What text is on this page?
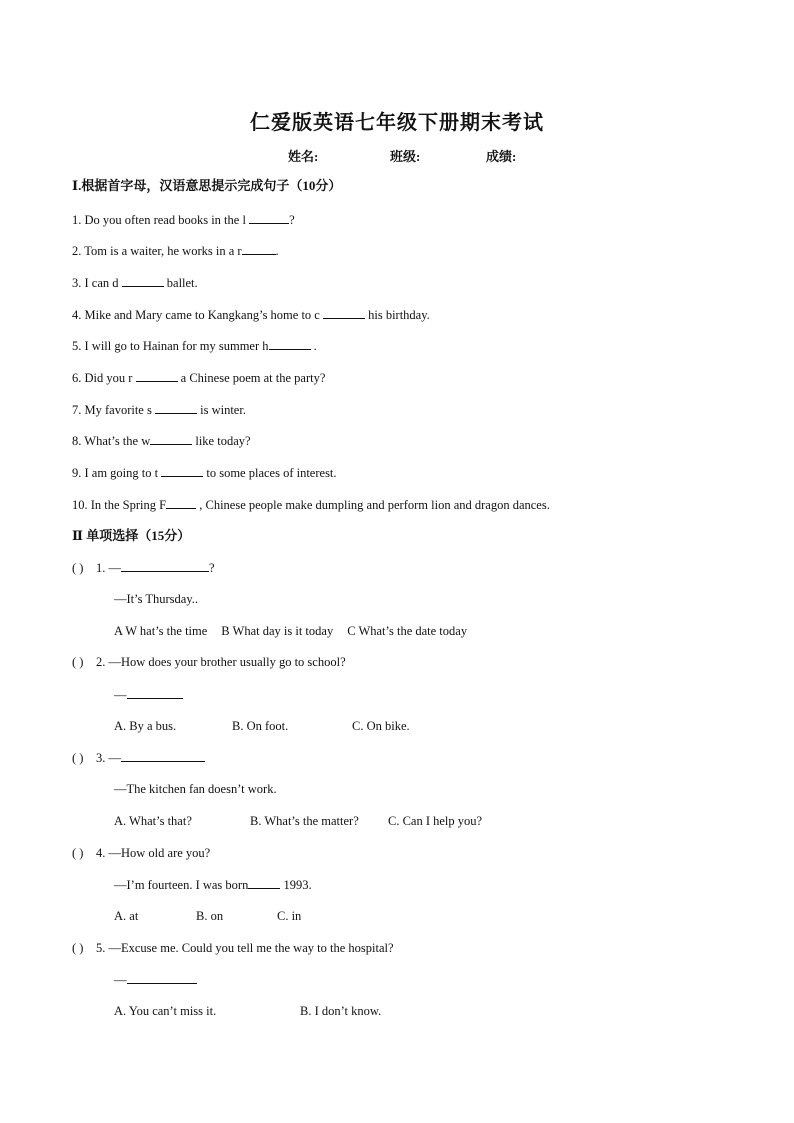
仁爱版英语七年级下册期末考试
姓名:	班级:	成绩:
Ⅰ.根据首字母，汉语意思提示完成句子（10分）
1. Do you often read books in the l	?
2. Tom is a waiter, he works in a r	.
3. I can d	ballet.
4. Mike and Mary came to Kangkang’s home to c	his birthday.
5. I will go to Hainan for my summer h	.
6. Did you r	a Chinese poem at the party?
7. My favorite s	is winter.
8. What’s the w	like today?
9. I am going to t	to some places of interest.
10. In the Spring F , Chinese people make dumpling and perform lion and dragon dances.
Ⅱ 单项选择（15分）
( ) 1. —	?
—It’s Thursday..
A W hat’s the time B What day is it today C What’s the date today
( ) 2. —How does your brother usually go to school?
—
A. By a bus.	B. On foot.	C. On bike.
( ) 3. —
—The kitchen fan doesn’t work.
A. What’s that?	B. What’s the matter? C. Can I help you?
( ) 4. —How old are you?
—I’m fourteen. I was born	1993.
A. at	B. on	C. in
( ) 5. —Excuse me. Could you tell me the way to the hospital?
—
A. You can’t miss it.	B. I don’t know.
